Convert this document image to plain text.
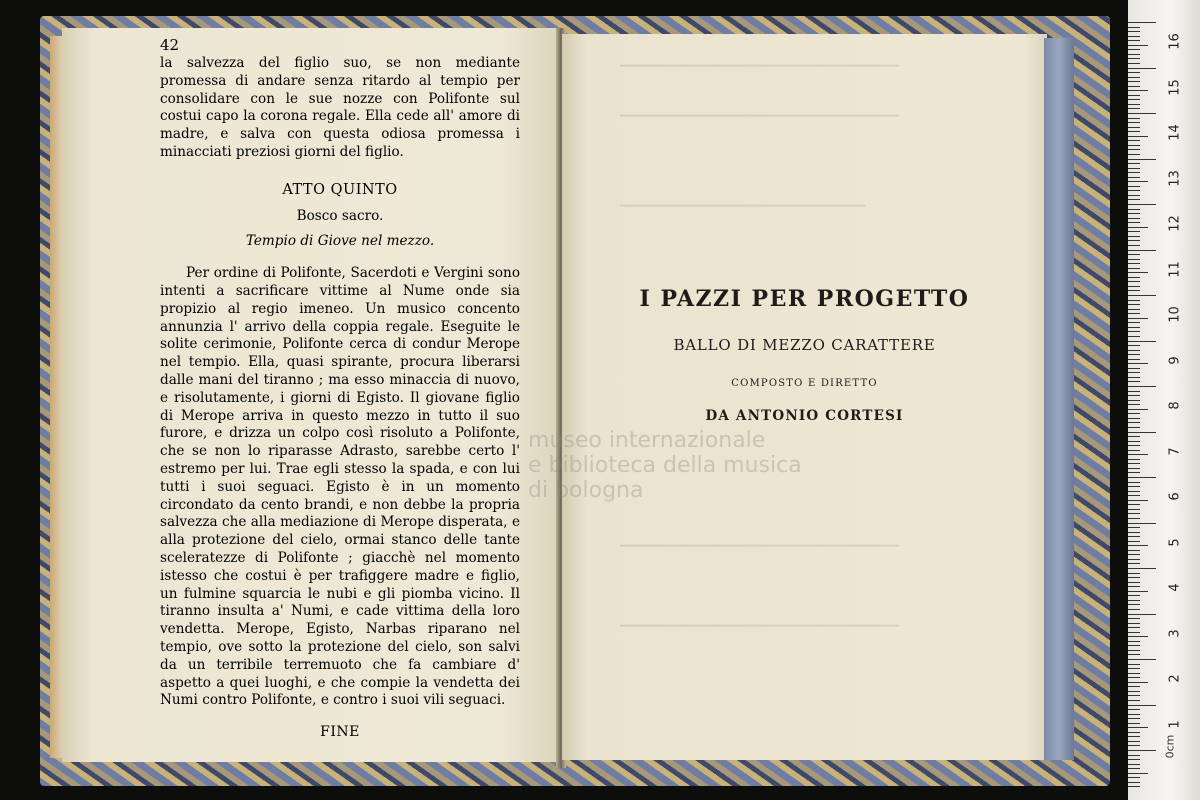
42

la salvezza del figlio suo, se non mediante promessa di andare senza ritardo al tempio per consolidare con le sue nozze con Polifonte sul costui capo la corona regale. Ella cede all' amore di madre, e salva con questa odiosa promessa i minacciati preziosi giorni del figlio.

ATTO QUINTO
Bosco sacro.
Tempio di Giove nel mezzo.

Per ordine di Polifonte, Sacerdoti e Vergini sono intenti a sacrificare vittime al Nume onde sia propizio al regio imeneo. Un musico concento annunzia l' arrivo della coppia regale. Eseguite le solite cerimonie, Polifonte cerca di condur Merope nel tempio. Ella, quasi spirante, procura liberarsi dalle mani del tiranno ; ma esso minaccia di nuovo, e risolutamente, i giorni di Egisto. Il giovane figlio di Merope arriva in questo mezzo in tutto il suo furore, e drizza un colpo così risoluto a Polifonte, che se non lo riparasse Adrasto, sarebbe certo l' estremo per lui. Trae egli stesso la spada, e con lui tutti i suoi seguaci. Egisto è in un momento circondato da cento brandi, e non debbe la propria salvezza che alla mediazione di Merope disperata, e alla protezione del cielo, ormai stanco delle tante sceleratezze di Polifonte ; giacchè nel momento istesso che costui è per trafiggere madre e figlio, un fulmine squarcia le nubi e gli piomba vicino. Il tiranno insulta a' Numi, e cade vittima della loro vendetta. Merope, Egisto, Narbas riparano nel tempio, ove sotto la protezione del cielo, son salvi da un terribile terremuoto che fa cambiare d' aspetto a quei luoghi, e che compie la vendetta dei Numi contro Polifonte, e contro i suoi vili seguaci.

FINE
▔▔▔▔▔▔▔▔▔▔▔▔▔▔▔▔▔▔▔▔▔▔▔▔▔▔▔▔▔▔▔▔▔
▔▔▔▔▔▔▔▔▔▔▔▔▔▔▔▔▔▔▔▔▔▔▔▔▔▔▔▔▔▔▔▔▔
▔▔▔▔▔▔▔▔▔▔▔▔▔▔▔▔▔▔▔▔▔▔▔▔▔▔▔▔▔
▔▔▔▔▔▔▔▔▔▔▔▔▔▔▔▔▔▔▔▔▔▔▔▔▔▔▔▔▔▔▔▔▔
▔▔▔▔▔▔▔▔▔▔▔▔▔▔▔▔▔▔▔▔▔▔▔▔▔▔▔▔▔▔▔▔▔
I PAZZI PER PROGETTO
BALLO DI MEZZO CARATTERE
COMPOSTO E DIRETTO
DA ANTONIO CORTESI
museo internazionale
e biblioteca della musica
di bologna
0cm
16
15
14
13
12
11
10
9
8
7
6
5
4
3
2
1
